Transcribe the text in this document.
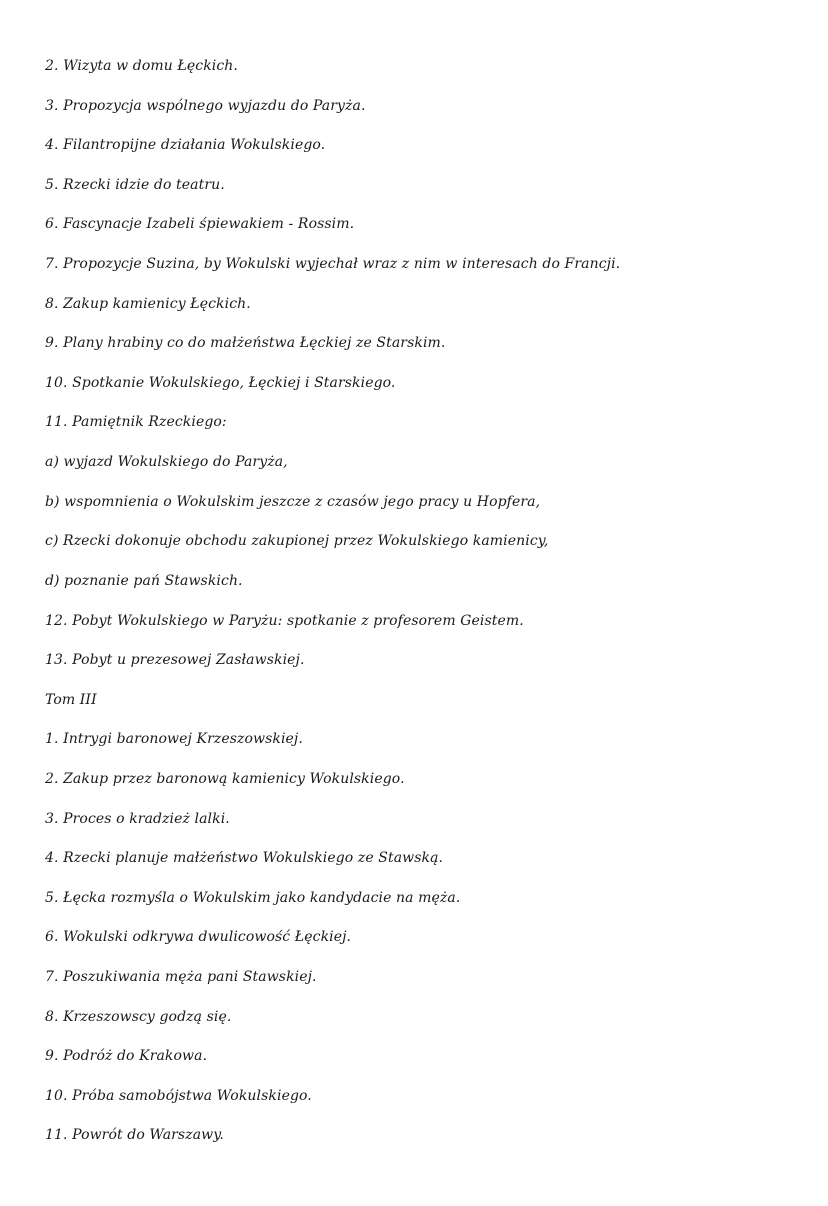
2. Wizyta w domu Łęckich.
3. Propozycja wspólnego wyjazdu do Paryża.
4. Filantropijne działania Wokulskiego.
5. Rzecki idzie do teatru.
6. Fascynacje Izabeli śpiewakiem - Rossim.
7. Propozycje Suzina, by Wokulski wyjechał wraz z nim w interesach do Francji.
8. Zakup kamienicy Łęckich.
9. Plany hrabiny co do małżeństwa Łęckiej ze Starskim.
10. Spotkanie Wokulskiego, Łęckiej i Starskiego.
11. Pamiętnik Rzeckiego:
a) wyjazd Wokulskiego do Paryża,
b) wspomnienia o Wokulskim jeszcze z czasów jego pracy u Hopfera,
c) Rzecki dokonuje obchodu zakupionej przez Wokulskiego kamienicy,
d) poznanie pań Stawskich.
12. Pobyt Wokulskiego w Paryżu: spotkanie z profesorem Geistem.
13. Pobyt u prezesowej Zasławskiej.
Tom III
1. Intrygi baronowej Krzeszowskiej.
2. Zakup przez baronową kamienicy Wokulskiego.
3. Proces o kradzież lalki.
4. Rzecki planuje małżeństwo Wokulskiego ze Stawską.
5. Łęcka rozmyśla o Wokulskim jako kandydacie na męża.
6. Wokulski odkrywa dwulicowość Łęckiej.
7. Poszukiwania męża pani Stawskiej.
8. Krzeszowscy godzą się.
9. Podróż do Krakowa.
10. Próba samobójstwa Wokulskiego.
11. Powrót do Warszawy.
